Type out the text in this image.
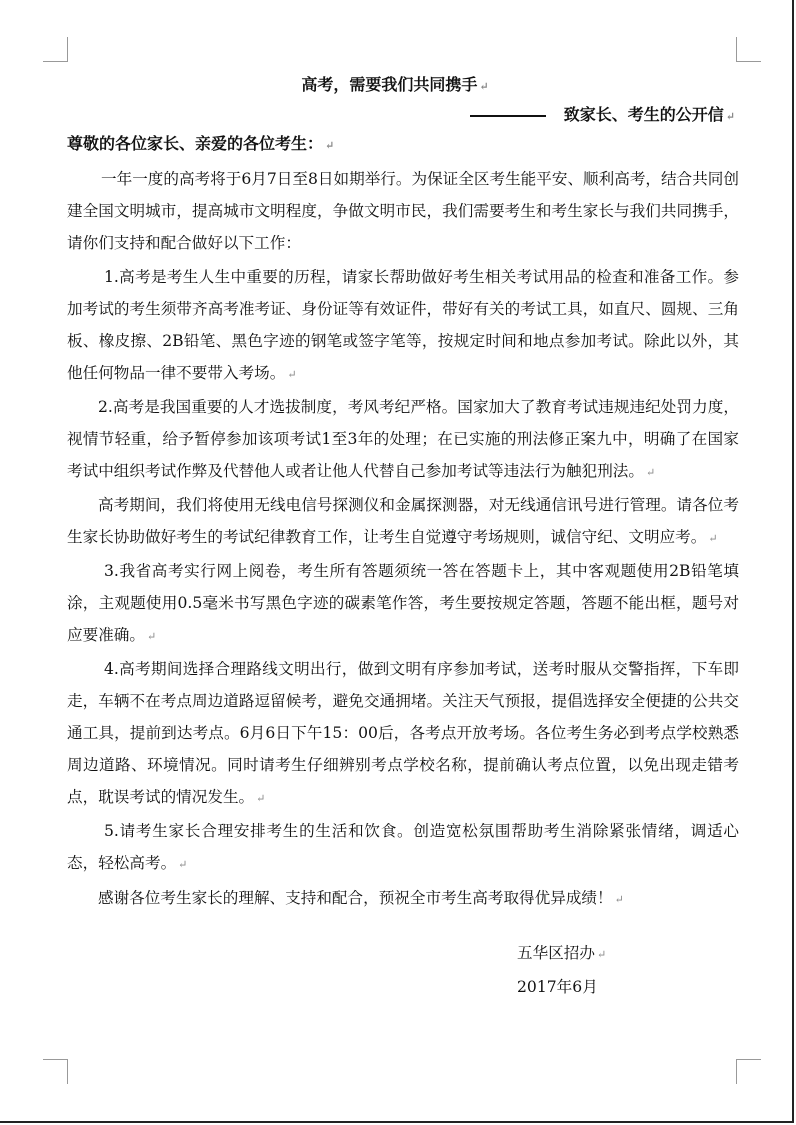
高考，需要我们共同携手 ↵
致家长、考生的公开信 ↵
尊敬的各位家长、亲爱的各位考生： ↵

一年一度的高考将于6月7日至8日如期举行。为保证全区考生能平安、顺利高考，结合共同创建全国文明城市，提高城市文明程度，争做文明市民，我们需要考生和考生家长与我们共同携手，请你们支持和配合做好以下工作：

1.高考是考生人生中重要的历程，请家长帮助做好考生相关考试用品的检查和准备工作。参加考试的考生须带齐高考准考证、身份证等有效证件，带好有关的考试工具，如直尺、圆规、三角板、橡皮擦、2B铅笔、黑色字迹的钢笔或签字笔等，按规定时间和地点参加考试。除此以外，其他任何物品一律不要带入考场。 ↵

2.高考是我国重要的人才选拔制度，考风考纪严格。国家加大了教育考试违规违纪处罚力度，视情节轻重，给予暂停参加该项考试1至3年的处理；在已实施的刑法修正案九中，明确了在国家考试中组织考试作弊及代替他人或者让他人代替自己参加考试等违法行为触犯刑法。 ↵

高考期间，我们将使用无线电信号探测仪和金属探测器，对无线通信讯号进行管理。请各位考生家长协助做好考生的考试纪律教育工作，让考生自觉遵守考场规则，诚信守纪、文明应考。 ↵

3.我省高考实行网上阅卷，考生所有答题须统一答在答题卡上，其中客观题使用2B铅笔填涂，主观题使用0.5毫米书写黑色字迹的碳素笔作答，考生要按规定答题，答题不能出框，题号对应要准确。 ↵

4.高考期间选择合理路线文明出行，做到文明有序参加考试，送考时服从交警指挥，下车即走，车辆不在考点周边道路逗留候考，避免交通拥堵。关注天气预报，提倡选择安全便捷的公共交通工具，提前到达考点。6月6日下午15：00后，各考点开放考场。各位考生务必到考点学校熟悉周边道路、环境情况。同时请考生仔细辨别考点学校名称，提前确认考点位置，以免出现走错考点，耽误考试的情况发生。 ↵

5.请考生家长合理安排考生的生活和饮食。创造宽松氛围帮助考生消除紧张情绪，调适心态，轻松高考。 ↵

感谢各位考生家长的理解、支持和配合，预祝全市考生高考取得优异成绩！ ↵

五华区招办 ↵
2017年6月
